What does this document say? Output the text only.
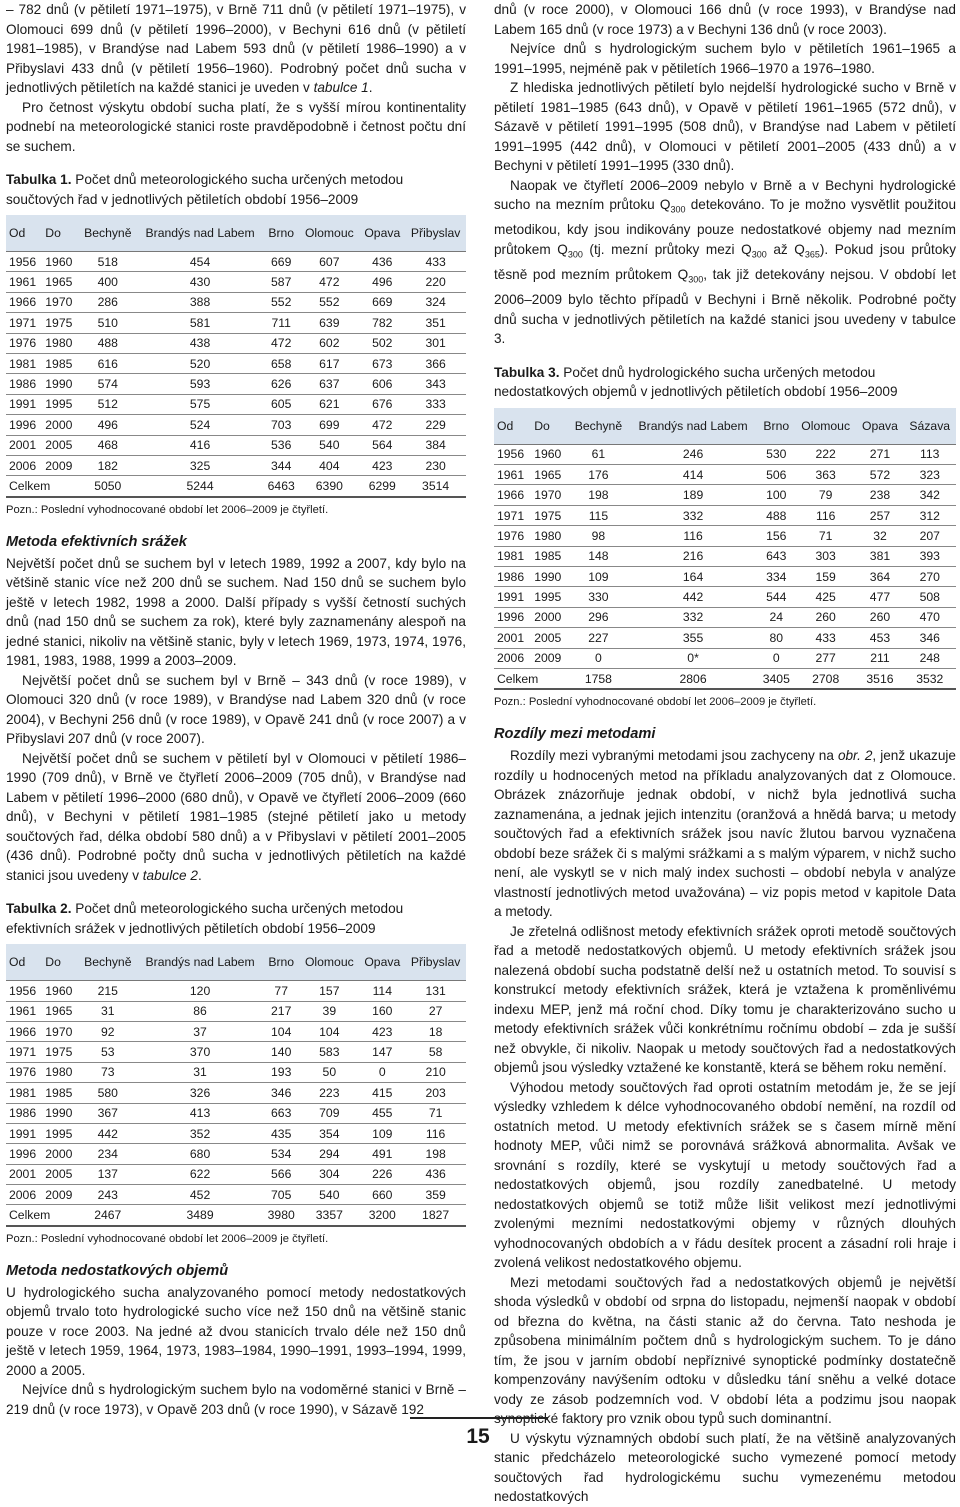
– 782 dnů (v pětiletí 1971–1975), v Brně 711 dnů (v pětiletí 1971–1975), v Olomouci 699 dnů (v pětiletí 1996–2000), v Bechyni 616 dnů (v pětiletí 1981–1985), v Brandýse nad Labem 593 dnů (v pětiletí 1986–1990) a v Přibyslavi 433 dnů (v pětiletí 1956–1960). Podrobný počet dnů sucha v jednotlivých pětiletích na každé stanici je uveden v tabulce 1.

Pro četnost výskytu období sucha platí, že s vyšší mírou kontinentality podnebí na meteorologické stanici roste pravděpodobně i četnost počtu dní se suchem.

Tabulka 1. Počet dnů meteorologického sucha určených metodou součtových řad v jednotlivých pětiletích období 1956–2009
Od	Do	Bechyně	Brandýs nad Labem	Brno	Olomouc	Opava	Přibyslav
1956	1960	518	454	669	607	436	433
1961	1965	400	430	587	472	496	220
1966	1970	286	388	552	552	669	324
1971	1975	510	581	711	639	782	351
1976	1980	488	438	472	602	502	301
1981	1985	616	520	658	617	673	366
1986	1990	574	593	626	637	606	343
1991	1995	512	575	605	621	676	333
1996	2000	496	524	703	699	472	229
2001	2005	468	416	536	540	564	384
2006	2009	182	325	344	404	423	230
Celkem		5050	5244	6463	6390	6299	3514
Pozn.: Poslední vyhodnocované období let 2006–2009 je čtyřletí.
Metoda efektivních srážek

Největší počet dnů se suchem byl v letech 1989, 1992 a 2007, kdy bylo na většině stanic více než 200 dnů se suchem. Nad 150 dnů se suchem bylo ještě v letech 1982, 1998 a 2000. Další případy s vyšší četností suchých dnů (nad 150 dnů se suchem za rok), které byly zaznamenány alespoň na jedné stanici, nikoliv na většině stanic, byly v letech 1969, 1973, 1974, 1976, 1981, 1983, 1988, 1999 a 2003–2009.

Největší počet dnů se suchem byl v Brně – 343 dnů (v roce 1989), v Olomouci 320 dnů (v roce 1989), v Brandýse nad Labem 320 dnů (v roce 2004), v Bechyni 256 dnů (v roce 1989), v Opavě 241 dnů (v roce 2007) a v Přibyslavi 207 dnů (v roce 2007).

Největší počet dnů se suchem v pětiletí byl v Olomouci v pětiletí 1986–1990 (709 dnů), v Brně ve čtyřletí 2006–2009 (705 dnů), v Brandýse nad Labem v pětiletí 1996–2000 (680 dnů), v Opavě ve čtyřletí 2006–2009 (660 dnů), v Bechyni v pětiletí 1981–1985 (stejné pětiletí jako u metody součtových řad, délka období 580 dnů) a v Přibyslavi v pětiletí 2001–2005 (436 dnů). Podrobné počty dnů sucha v jednotlivých pětiletích na každé stanici jsou uvedeny v tabulce 2.

Tabulka 2. Počet dnů meteorologického sucha určených metodou efektivních srážek v jednotlivých pětiletích období 1956–2009
Od	Do	Bechyně	Brandýs nad Labem	Brno	Olomouc	Opava	Přibyslav
1956	1960	215	120	77	157	114	131
1961	1965	31	86	217	39	160	27
1966	1970	92	37	104	104	423	18
1971	1975	53	370	140	583	147	58
1976	1980	73	31	193	50	0	210
1981	1985	580	326	346	223	415	203
1986	1990	367	413	663	709	455	71
1991	1995	442	352	435	354	109	116
1996	2000	234	680	534	294	491	198
2001	2005	137	622	566	304	226	436
2006	2009	243	452	705	540	660	359
Celkem		2467	3489	3980	3357	3200	1827
Pozn.: Poslední vyhodnocované období let 2006–2009 je čtyřletí.
Metoda nedostatkových objemů

U hydrologického sucha analyzovaného pomocí metody nedostatkových objemů trvalo toto hydrologické sucho více než 150 dnů na většině stanic pouze v roce 2003. Na jedné až dvou stanicích trvalo déle než 150 dnů ještě v letech 1959, 1964, 1973, 1983–1984, 1990–1991, 1993–1994, 1999, 2000 a 2005.

Nejvíce dnů s hydrologickým suchem bylo na vodoměrné stanici v Brně – 219 dnů (v roce 1973), v Opavě 203 dnů (v roce 1990), v Sázavě 192

dnů (v roce 2000), v Olomouci 166 dnů (v roce 1993), v Brandýse nad Labem 165 dnů (v roce 1973) a v Bechyni 136 dnů (v roce 2003).

Nejvíce dnů s hydrologickým suchem bylo v pětiletích 1961–1965 a 1991–1995, nejméně pak v pětiletích 1966–1970 a 1976–1980.

Z hlediska jednotlivých pětiletí bylo nejdelší hydrologické sucho v Brně v pětiletí 1981–1985 (643 dnů), v Opavě v pětiletí 1961–1965 (572 dnů), v Sázavě v pětiletí 1991–1995 (508 dnů), v Brandýse nad Labem v pětiletí 1991–1995 (442 dnů), v Olomouci v pětiletí 2001–2005 (433 dnů) a v Bechyni v pětiletí 1991–1995 (330 dnů).

Naopak ve čtyřletí 2006–2009 nebylo v Brně a v Bechyni hydrologické sucho na mezním průtoku $Q_{300}$ detekováno. To je možno vysvětlit použitou metodikou, kdy jsou indikovány pouze nedostatkové objemy nad mezním průtokem $Q_{300}$ (tj. mezní průtoky mezi $Q_{300}$ až $Q_{365}$). Pokud jsou průtoky těsně pod mezním průtokem $Q_{300}$, tak již detekovány nejsou. V období let 2006–2009 bylo těchto případů v Bechyni i Brně několik. Podrobné počty dnů sucha v jednotlivých pětiletích na každé stanici jsou uvedeny v tabulce 3.

Tabulka 3. Počet dnů hydrologického sucha určených metodou nedostatkových objemů v jednotlivých pětiletích období 1956–2009
Od	Do	Bechyně	Brandýs nad Labem	Brno	Olomouc	Opava	Sázava
1956	1960	61	246	530	222	271	113
1961	1965	176	414	506	363	572	323
1966	1970	198	189	100	79	238	342
1971	1975	115	332	488	116	257	312
1976	1980	98	116	156	71	32	207
1981	1985	148	216	643	303	381	393
1986	1990	109	164	334	159	364	270
1991	1995	330	442	544	425	477	508
1996	2000	296	332	24	260	260	470
2001	2005	227	355	80	433	453	346
2006	2009	0	0*	0	277	211	248
Celkem		1758	2806	3405	2708	3516	3532
Pozn.: Poslední vyhodnocované období let 2006–2009 je čtyřletí.
Rozdíly mezi metodami

Rozdíly mezi vybranými metodami jsou zachyceny na obr. 2, jenž ukazuje rozdíly u hodnocených metod na příkladu analyzovaných dat z Olomouce. Obrázek znázorňuje jednak období, v nichž byla jednotlivá sucha zaznamenána, a jednak jejich intenzitu (oranžová a hnědá barva; u metody součtových řad a efektivních srážek jsou navíc žlutou barvou vyznačena období beze srážek či s malými srážkami a s malým výparem, v nichž sucho není, ale vyskytl se v nich malý index suchosti – období nebyla v analýze vlastností jednotlivých metod uvažována) – viz popis metod v kapitole Data a metody.

Je zřetelná odlišnost metody efektivních srážek oproti metodě součtových řad a metodě nedostatkových objemů. U metody efektivních srážek jsou nalezená období sucha podstatně delší než u ostatních metod. To souvisí s konstrukcí metody efektivních srážek, která je vztažena k proměnlivému indexu MEP, jenž má roční chod. Díky tomu je charakterizováno sucho u metody efektivních srážek vůči konkrétnímu ročnímu období – zda je sušší než obvykle, či nikoliv. Naopak u metody součtových řad a nedostatkových objemů jsou výsledky vztažené ke konstantě, která se během roku nemění.

Výhodou metody součtových řad oproti ostatním metodám je, že se její výsledky vzhledem k délce vyhodnocovaného období nemění, na rozdíl od ostatních metod. U metody efektivních srážek se s časem mírně mění hodnoty MEP, vůči nimž se porovnává srážková abnormalita. Avšak ve srovnání s rozdíly, které se vyskytují u metody součtových řad a nedostatkových objemů, jsou rozdíly zanedbatelné. U metody nedostatkových objemů se totiž může lišit velikost mezí jednotlivými zvolenými mezními nedostatkovými objemy v různých dlouhých vyhodnocovaných obdobích a v řádu desítek procent a zásadní roli hraje i zvolená velikost nedostatkového objemu.

Mezi metodami součtových řad a nedostatkových objemů je největší shoda výsledků v období od srpna do listopadu, nejmenší naopak v období od března do května, na části stanic až do června. Tato neshoda je způsobena minimálním počtem dnů s hydrologickým suchem. To je dáno tím, že jsou v jarním období nepříznivé synoptické podmínky dostatečně kompenzovány navýšením odtoku v důsledku tání sněhu a velké dotace vody ze zásob podzemních vod. V období léta a podzimu jsou naopak synoptické faktory pro vznik obou typů such dominantní.

U výskytu významných období such platí, že na většině analyzovaných stanic předcházelo meteorologické sucho vymezené pomocí metody součtových řad hydrologickému suchu vymezenému metodou nedostatkových

15
